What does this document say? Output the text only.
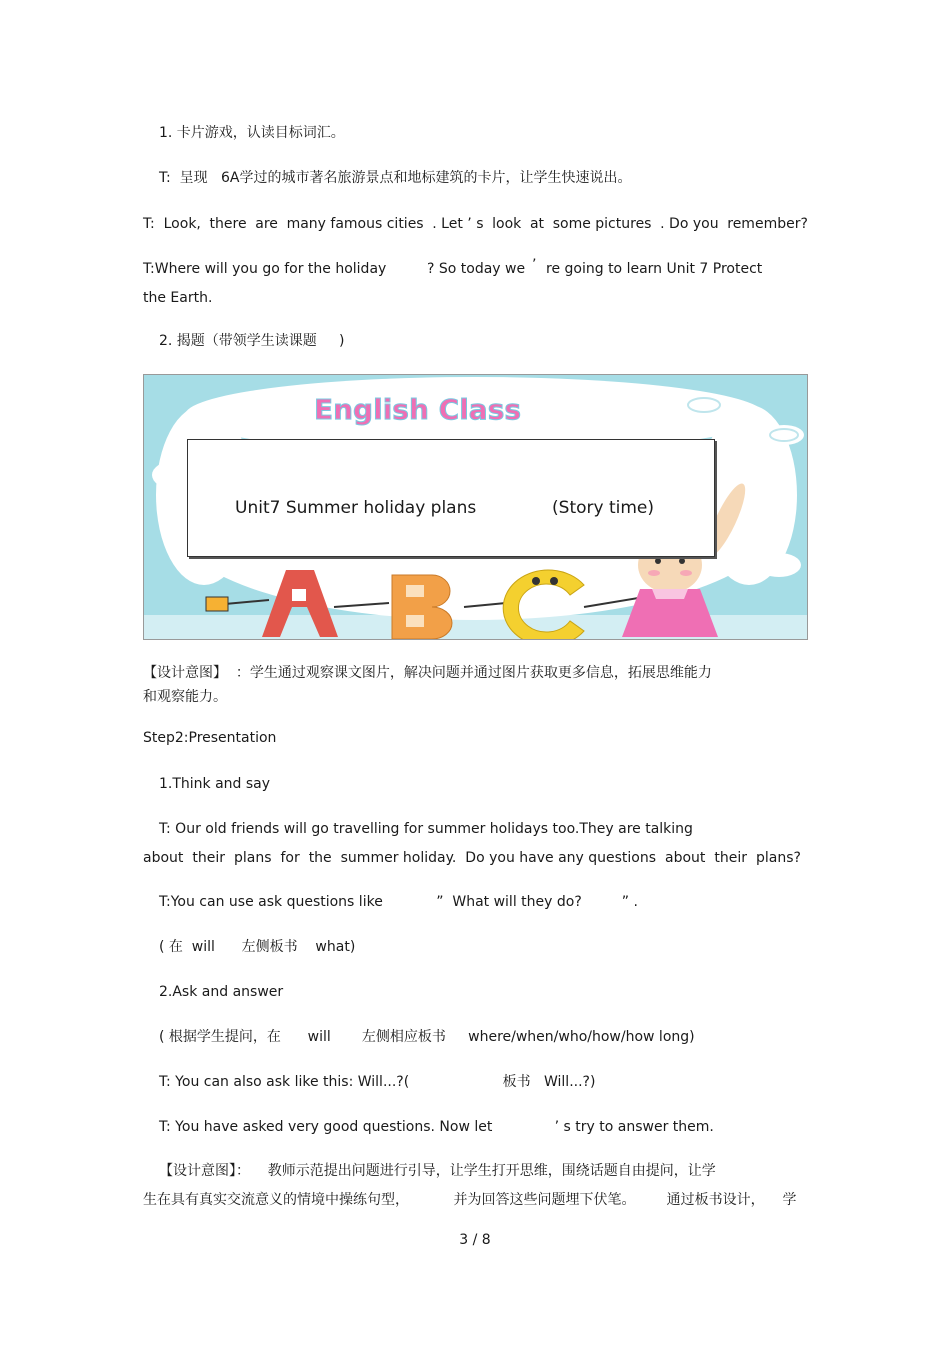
1. 卡片游戏，认读目标词汇。
T:  呈现   6A学过的城市著名旅游景点和地标建筑的卡片，让学生快速说出。
T:  Look, there are many famous cities . Let ’ s look at some pictures . Do you remember?
T:Where will you go for the holiday	? So today we ’ re going to learn Unit 7 Protect
the Earth.
2. 揭题（带领学生读课题     )
English Class
Unit7 Summer holiday plans	(Story time)
【设计意图】  ：学生通过观察课文图片，解决问题并通过图片获取更多信息，拓展思维能力
和观察能力。
Step2:Presentation
1.Think and say
T: Our old friends will go travelling for summer holidays too.They are talking
about their plans for the summer holiday. Do you have any questions about their plans?
T:You can use ask questions like            ”  What will they do?         ” .
( 在  will      左侧板书    what)
2.Ask and answer
( 根据学生提问，在      will       左侧相应板书     where/when/who/how/how long)
T: You can also ask like this: Will...?(                     板书   Will...?)
T: You have asked very good questions. Now let              ’ s try to answer them.
【设计意图】：    教师示范提出问题进行引导，让学生打开思维，围绕话题自由提问，让学
生在具有真实交流意义的情境中操练句型，          并为回答这些问题埋下伏笔。       通过板书设计，    学
3 / 8
